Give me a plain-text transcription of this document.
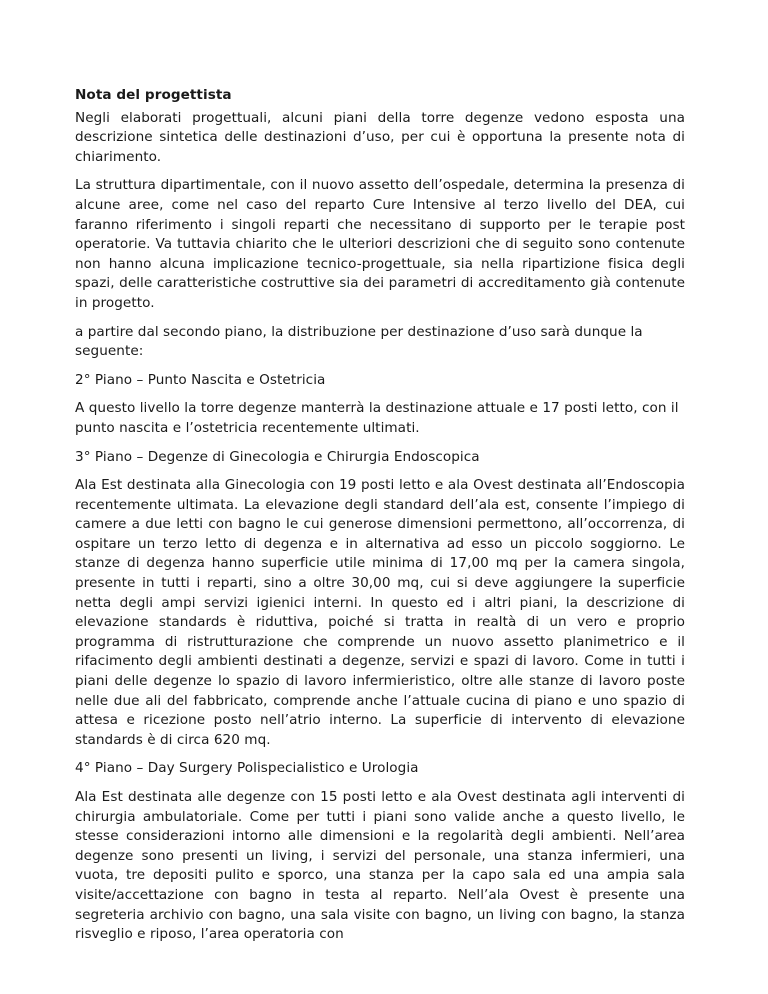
Nota del progettista

Negli elaborati progettuali, alcuni piani della torre degenze vedono esposta una descrizione sintetica delle destinazioni d’uso, per cui è opportuna la presente nota di chiarimento.

La struttura dipartimentale, con il nuovo assetto dell’ospedale, determina la presenza di alcune aree, come nel caso del reparto Cure Intensive al terzo livello del DEA, cui faranno riferimento i singoli reparti che necessitano di supporto per le terapie post operatorie. Va tuttavia chiarito che le ulteriori descrizioni che di seguito sono contenute non hanno alcuna implicazione tecnico-progettuale, sia nella ripartizione fisica degli spazi, delle caratteristiche costruttive sia dei parametri di accreditamento già contenute in progetto.

a partire dal secondo piano, la distribuzione per destinazione d’uso sarà dunque la seguente:

2° Piano – Punto Nascita e Ostetricia

A questo livello la torre degenze manterrà la destinazione attuale e 17 posti letto, con il punto nascita e l’ostetricia recentemente ultimati.

3° Piano – Degenze di Ginecologia e Chirurgia Endoscopica

Ala Est destinata alla Ginecologia con 19 posti letto e ala Ovest destinata all’Endoscopia recentemente ultimata. La elevazione degli standard dell’ala est, consente l’impiego di camere a due letti con bagno le cui generose dimensioni permettono, all’occorrenza, di ospitare un terzo letto di degenza e in alternativa ad esso un piccolo soggiorno. Le stanze di degenza hanno superficie utile minima di 17,00 mq per la camera singola, presente in tutti i reparti, sino a oltre 30,00 mq, cui si deve aggiungere la superficie netta degli ampi servizi igienici interni. In questo ed i altri piani, la descrizione di elevazione standards è riduttiva, poiché si tratta in realtà di un vero e proprio programma di ristrutturazione che comprende un nuovo assetto planimetrico e il rifacimento degli ambienti destinati a degenze, servizi e spazi di lavoro. Come in tutti i piani delle degenze lo spazio di lavoro infermieristico, oltre alle stanze di lavoro poste nelle due ali del fabbricato, comprende anche l’attuale cucina di piano e uno spazio di attesa e ricezione posto nell’atrio interno. La superficie di intervento di elevazione standards è di circa 620 mq.

4° Piano – Day Surgery Polispecialistico e Urologia

Ala Est destinata alle degenze con 15 posti letto e ala Ovest destinata agli interventi di chirurgia ambulatoriale. Come per tutti i piani sono valide anche a questo livello, le stesse considerazioni intorno alle dimensioni e la regolarità degli ambienti. Nell’area degenze sono presenti un living, i servizi del personale, una stanza infermieri, una vuota, tre depositi pulito e sporco, una stanza per la capo sala ed una ampia sala visite/accettazione con bagno in testa al reparto. Nell’ala Ovest è presente una segreteria archivio con bagno, una sala visite con bagno, un living con bagno, la stanza risveglio e riposo, l’area operatoria con
